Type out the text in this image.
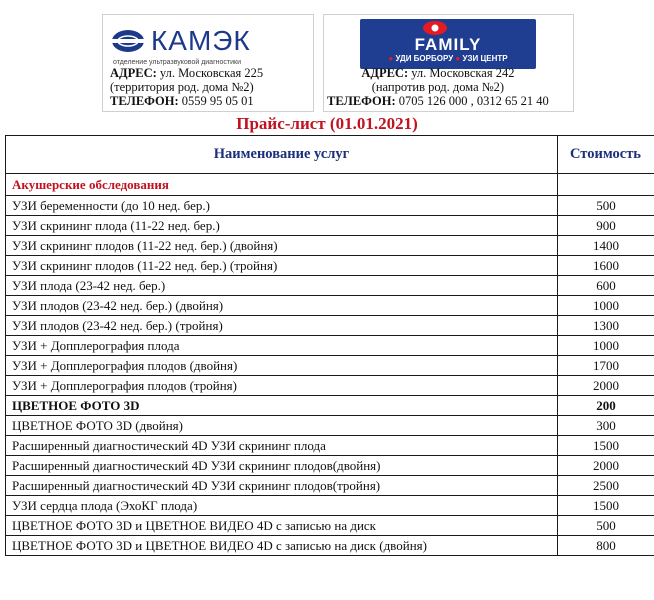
КАМЭК
отделение ультразвуковой диагностики
FAMILY
● УДИ БОРБОРУ ● УЗИ ЦЕНТР
АДРЕС: ул. Московская 225
(территория род. дома №2)
ТЕЛЕФОН: 0559 95 05 01
АДРЕС: ул. Московская 242
(напротив род. дома №2)
ТЕЛЕФОН: 0705 126 000 , 0312 65 21 40
Прайс-лист (01.01.2021)
Наименование услуг	Стоимость
Акушерские обследования	
УЗИ беременности (до 10 нед. бер.)	500
УЗИ скрининг плода (11-22 нед. бер.)	900
УЗИ скрининг плодов (11-22 нед. бер.) (двойня)	1400
УЗИ скрининг плодов (11-22 нед. бер.) (тройня)	1600
УЗИ плода (23-42 нед. бер.)	600
УЗИ плодов (23-42 нед. бер.) (двойня)	1000
УЗИ плодов (23-42 нед. бер.) (тройня)	1300
УЗИ + Допплерография плода	1000
УЗИ + Допплерография плодов (двойня)	1700
УЗИ + Допплерография плодов (тройня)	2000
ЦВЕТНОЕ ФОТО 3D	200
ЦВЕТНОЕ ФОТО 3D (двойня)	300
Расширенный диагностический 4D УЗИ скрининг плода	1500
Расширенный диагностический 4D УЗИ скрининг плодов(двойня)	2000
Расширенный диагностический 4D УЗИ скрининг плодов(тройня)	2500
УЗИ сердца плода (ЭхоКГ плода)	1500
ЦВЕТНОЕ ФОТО 3D и ЦВЕТНОЕ ВИДЕО 4D с записью на диск	500
ЦВЕТНОЕ ФОТО 3D и ЦВЕТНОЕ ВИДЕО 4D с записью на диск (двойня)	800
